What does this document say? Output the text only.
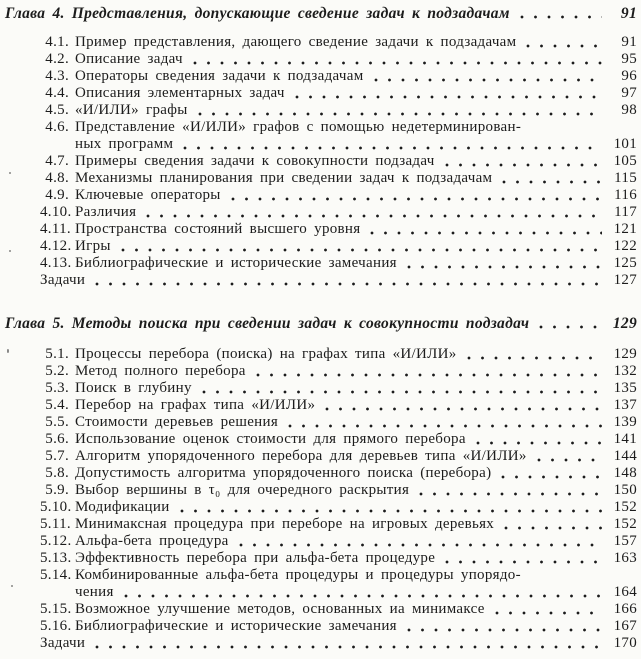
Глава 4. Представления, допускающие сведение задач к подзадачам	91
4.1. Пример представления, дающего сведение задачи к подзадачам	91
4.2. Описание задач	95
4.3. Операторы сведения задачи к подзадачам	96
4.4. Описания элементарных задач	97
4.5. «И/ИЛИ» графы	98
4.6. Представление «И/ИЛИ» графов с помощью недетерминирован-
ных программ	101
4.7. Примеры сведения задачи к совокупности подзадач	105
4.8. Механизмы планирования при сведении задач к подзадачам	115
4.9. Ключевые операторы	116
4.10. Различия	117
4.11. Пространства состояний высшего уровня	121
4.12. Игры	122
4.13. Библиографические и исторические замечания	125
Задачи	127
Глава 5. Методы поиска при сведении задач к совокупности подзадач	129
5.1. Процессы перебора (поиска) на графах типа «И/ИЛИ»	129
5.2. Метод полного перебора	132
5.3. Поиск в глубину	135
5.4. Перебор на графах типа «И/ИЛИ»	137
5.5. Стоимости деревьев решения	139
5.6. Использование оценок стоимости для прямого перебора	141
5.7. Алгоритм упорядоченного перебора для деревьев типа «И/ИЛИ»	144
5.8. Допустимость алгоритма упорядоченного поиска (перебора)	148
5.9. Выбор вершины в τ₀ для очередного раскрытия	150
5.10. Модификации	152
5.11. Минимаксная процедура при переборе на игровых деревьях	152
5.12. Альфа-бета процедура	157
5.13. Эффективность перебора при альфа-бета процедуре	163
5.14. Комбинированные альфа-бета процедуры и процедуры упорядо-
чения	164
5.15. Возможное улучшение методов, основанных иа минимаксе	166
5.16. Библиографические и исторические замечания	167
Задачи	170
